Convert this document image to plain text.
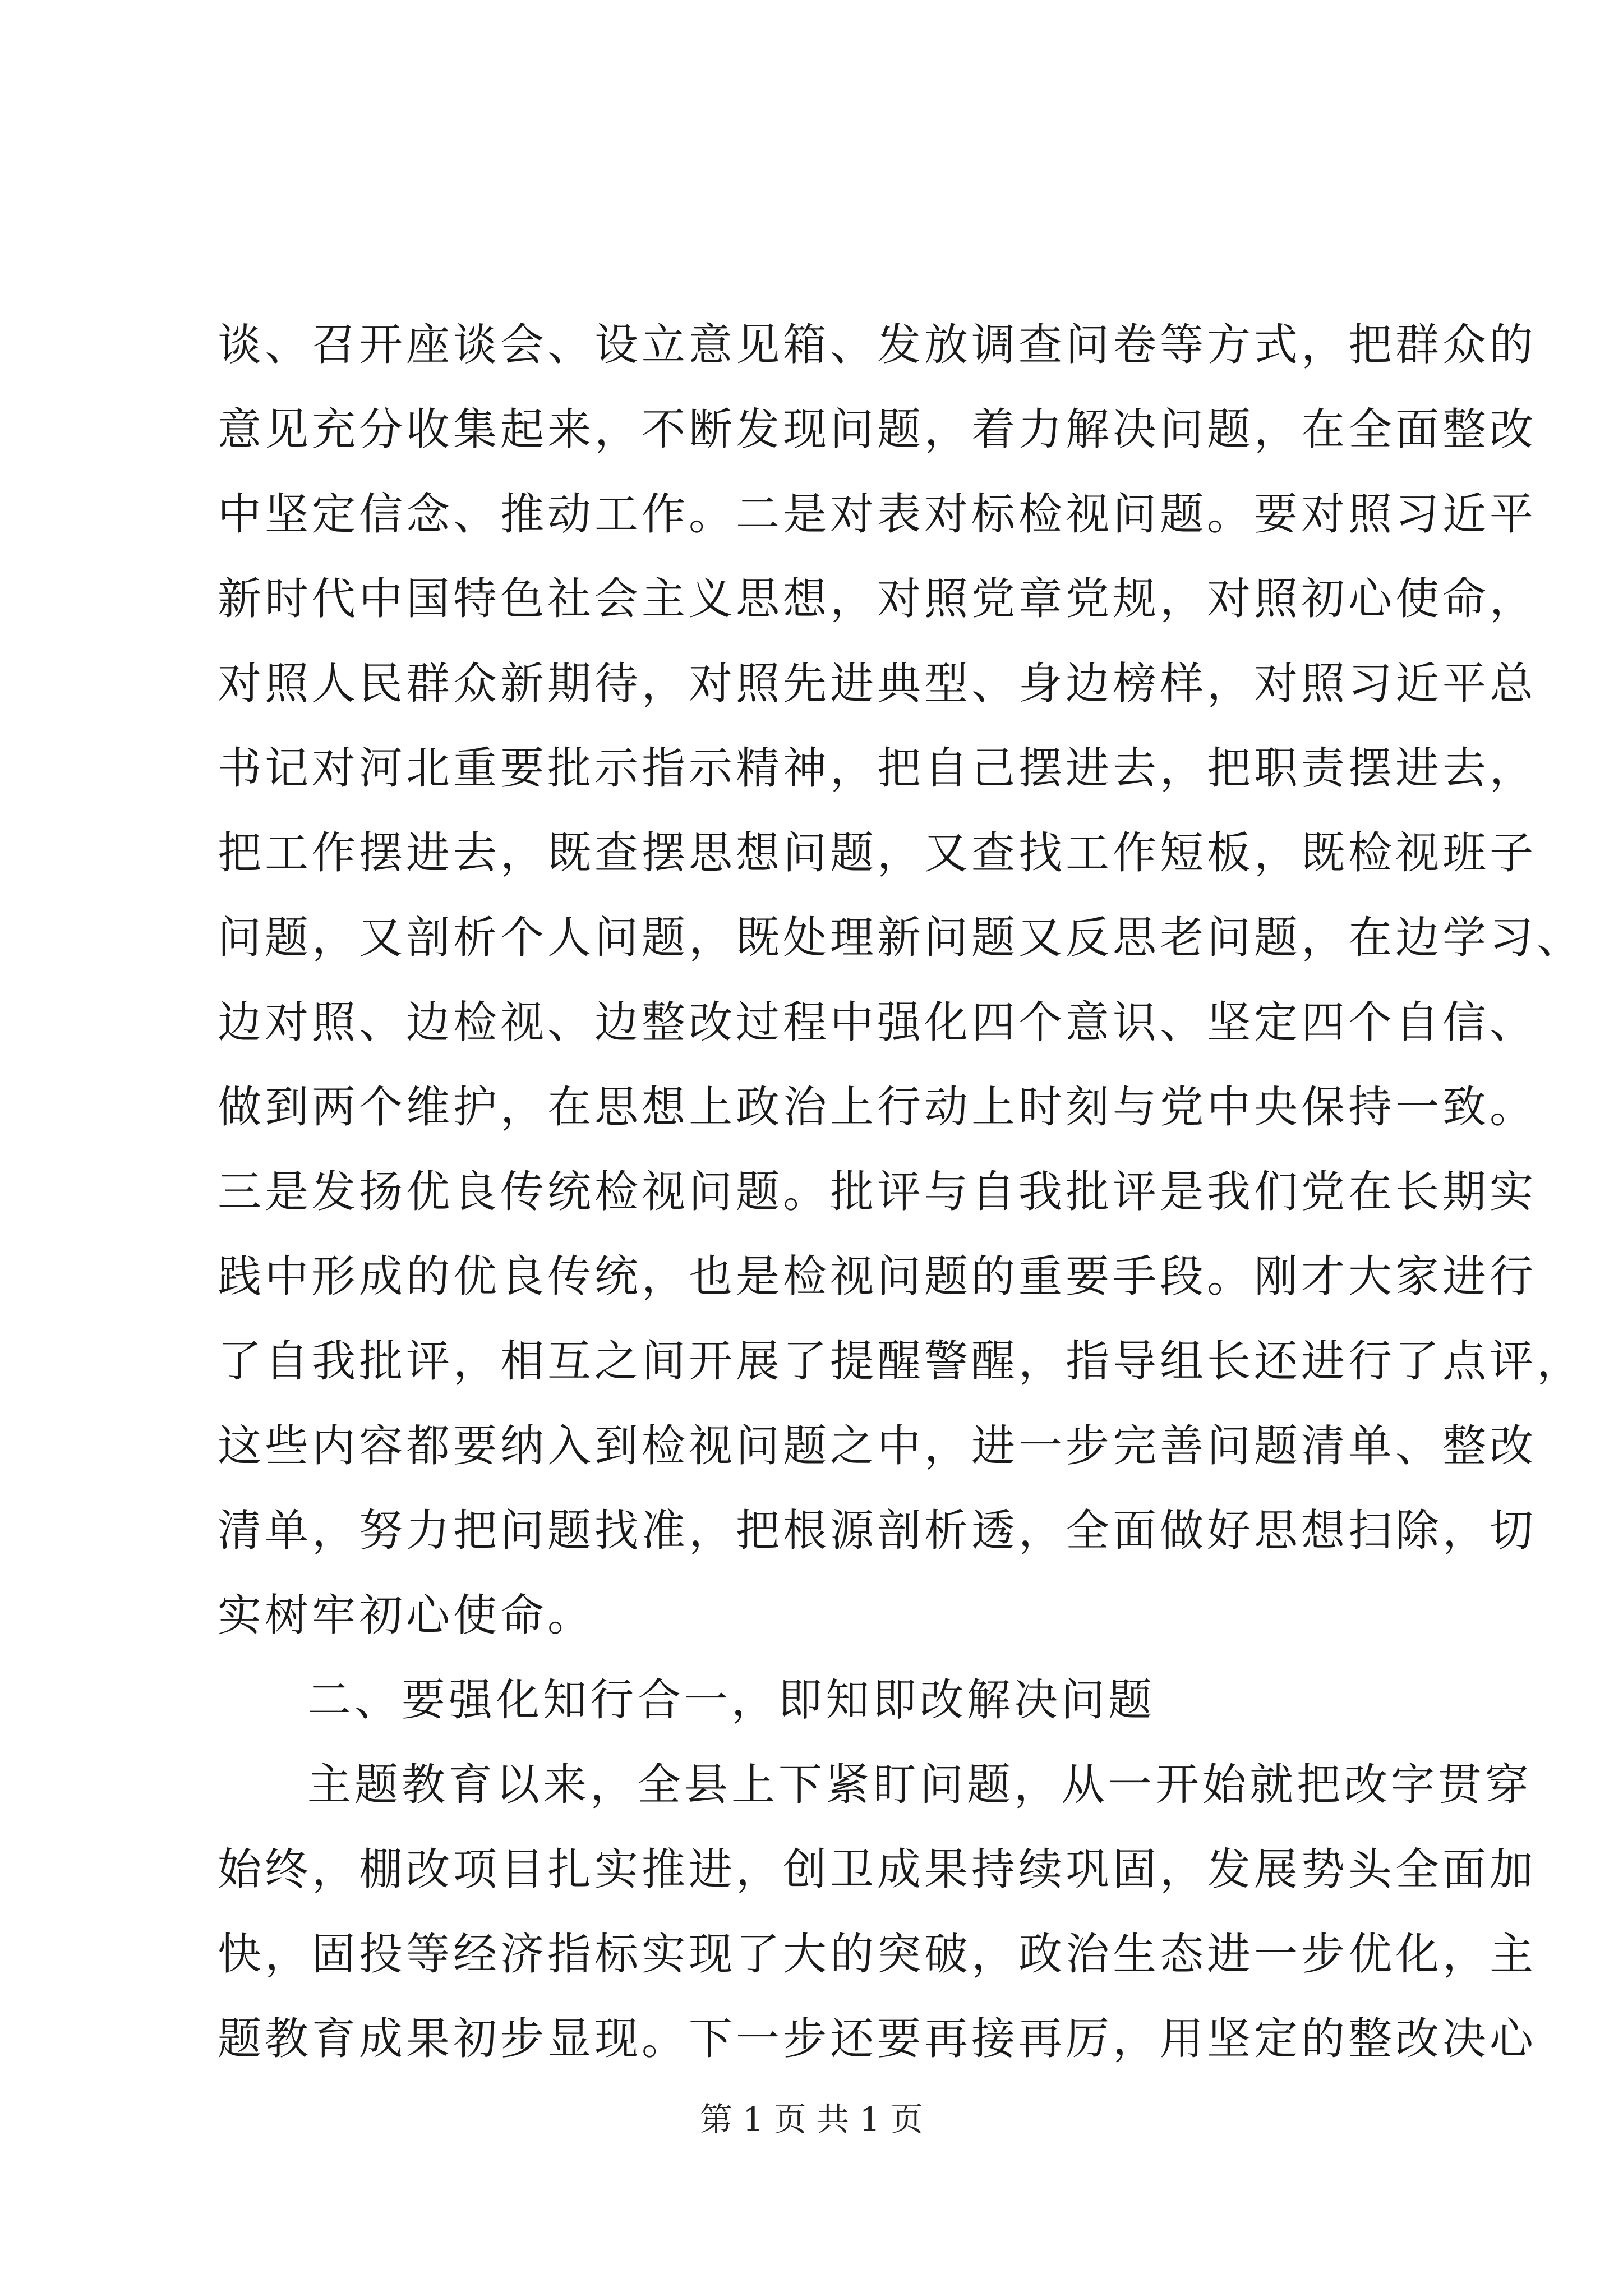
谈、召开座谈会、设立意见箱、发放调查问卷等方式，把群众的
意见充分收集起来，不断发现问题，着力解决问题，在全面整改
中坚定信念、推动工作。二是对表对标检视问题。要对照习近平
新时代中国特色社会主义思想，对照党章党规，对照初心使命，
对照人民群众新期待，对照先进典型、身边榜样，对照习近平总
书记对河北重要批示指示精神，把自己摆进去，把职责摆进去，
把工作摆进去，既查摆思想问题，又查找工作短板，既检视班子
问题，又剖析个人问题，既处理新问题又反思老问题，在边学习、
边对照、边检视、边整改过程中强化四个意识、坚定四个自信、
做到两个维护，在思想上政治上行动上时刻与党中央保持一致。
三是发扬优良传统检视问题。批评与自我批评是我们党在长期实
践中形成的优良传统，也是检视问题的重要手段。刚才大家进行
了自我批评，相互之间开展了提醒警醒，指导组长还进行了点评，
这些内容都要纳入到检视问题之中，进一步完善问题清单、整改
清单，努力把问题找准，把根源剖析透，全面做好思想扫除，切
实树牢初心使命。
二、要强化知行合一，即知即改解决问题
主题教育以来，全县上下紧盯问题，从一开始就把改字贯穿
始终，棚改项目扎实推进，创卫成果持续巩固，发展势头全面加
快，固投等经济指标实现了大的突破，政治生态进一步优化，主
题教育成果初步显现。下一步还要再接再厉，用坚定的整改决心
第 1 页 共 1 页
